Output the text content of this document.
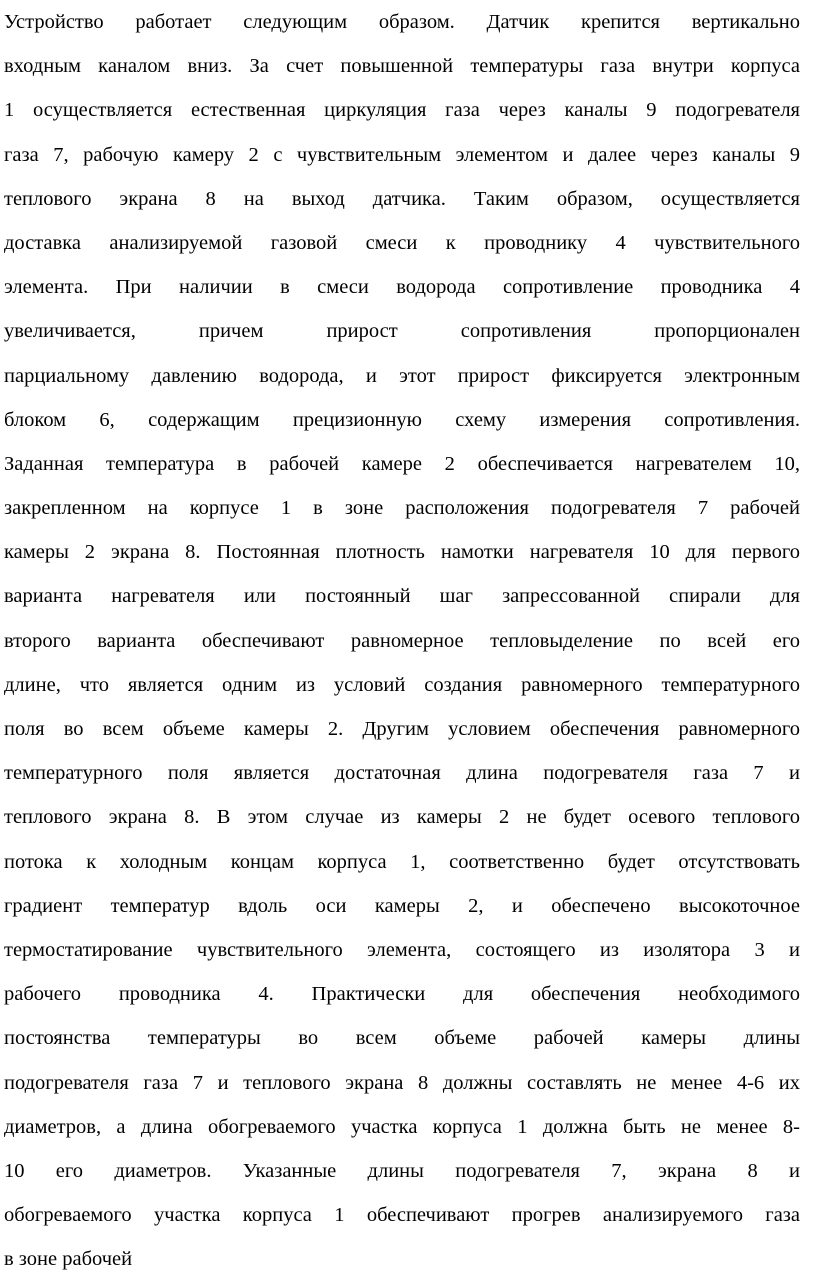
Устройство работает следующим образом. Датчик крепится вертикально
входным каналом вниз. За счет повышенной температуры газа внутри корпуса
1 осуществляется естественная циркуляция газа через каналы 9 подогревателя
газа 7, рабочую камеру 2 с чувствительным элементом и далее через каналы 9
теплового экрана 8 на выход датчика. Таким образом, осуществляется
доставка анализируемой газовой смеси к проводнику 4 чувствительного
элемента. При наличии в смеси водорода сопротивление проводника 4
увеличивается, причем прирост сопротивления пропорционален
парциальному давлению водорода, и этот прирост фиксируется электронным
блоком 6, содержащим прецизионную схему измерения сопротивления.
Заданная температура в рабочей камере 2 обеспечивается нагревателем 10,
закрепленном на корпусе 1 в зоне расположения подогревателя 7 рабочей
камеры 2 экрана 8. Постоянная плотность намотки нагревателя 10 для первого
варианта нагревателя или постоянный шаг запрессованной спирали для
второго варианта обеспечивают равномерное тепловыделение по всей его
длине, что является одним из условий создания равномерного температурного
поля во всем объеме камеры 2. Другим условием обеспечения равномерного
температурного поля является достаточная длина подогревателя газа 7 и
теплового экрана 8. В этом случае из камеры 2 не будет осевого теплового
потока к холодным концам корпуса 1, соответственно будет отсутствовать
градиент температур вдоль оси камеры 2, и обеспечено высокоточное
термостатирование чувствительного элемента, состоящего из изолятора 3 и
рабочего проводника 4. Практически для обеспечения необходимого
постоянства температуры во всем объеме рабочей камеры длины
подогревателя газа 7 и теплового экрана 8 должны составлять не менее 4-6 их
диаметров, а длина обогреваемого участка корпуса 1 должна быть не менее 8-
10 его диаметров. Указанные длины подогревателя 7, экрана 8 и
обогреваемого участка корпуса 1 обеспечивают прогрев анализируемого газа
в зоне рабочей
